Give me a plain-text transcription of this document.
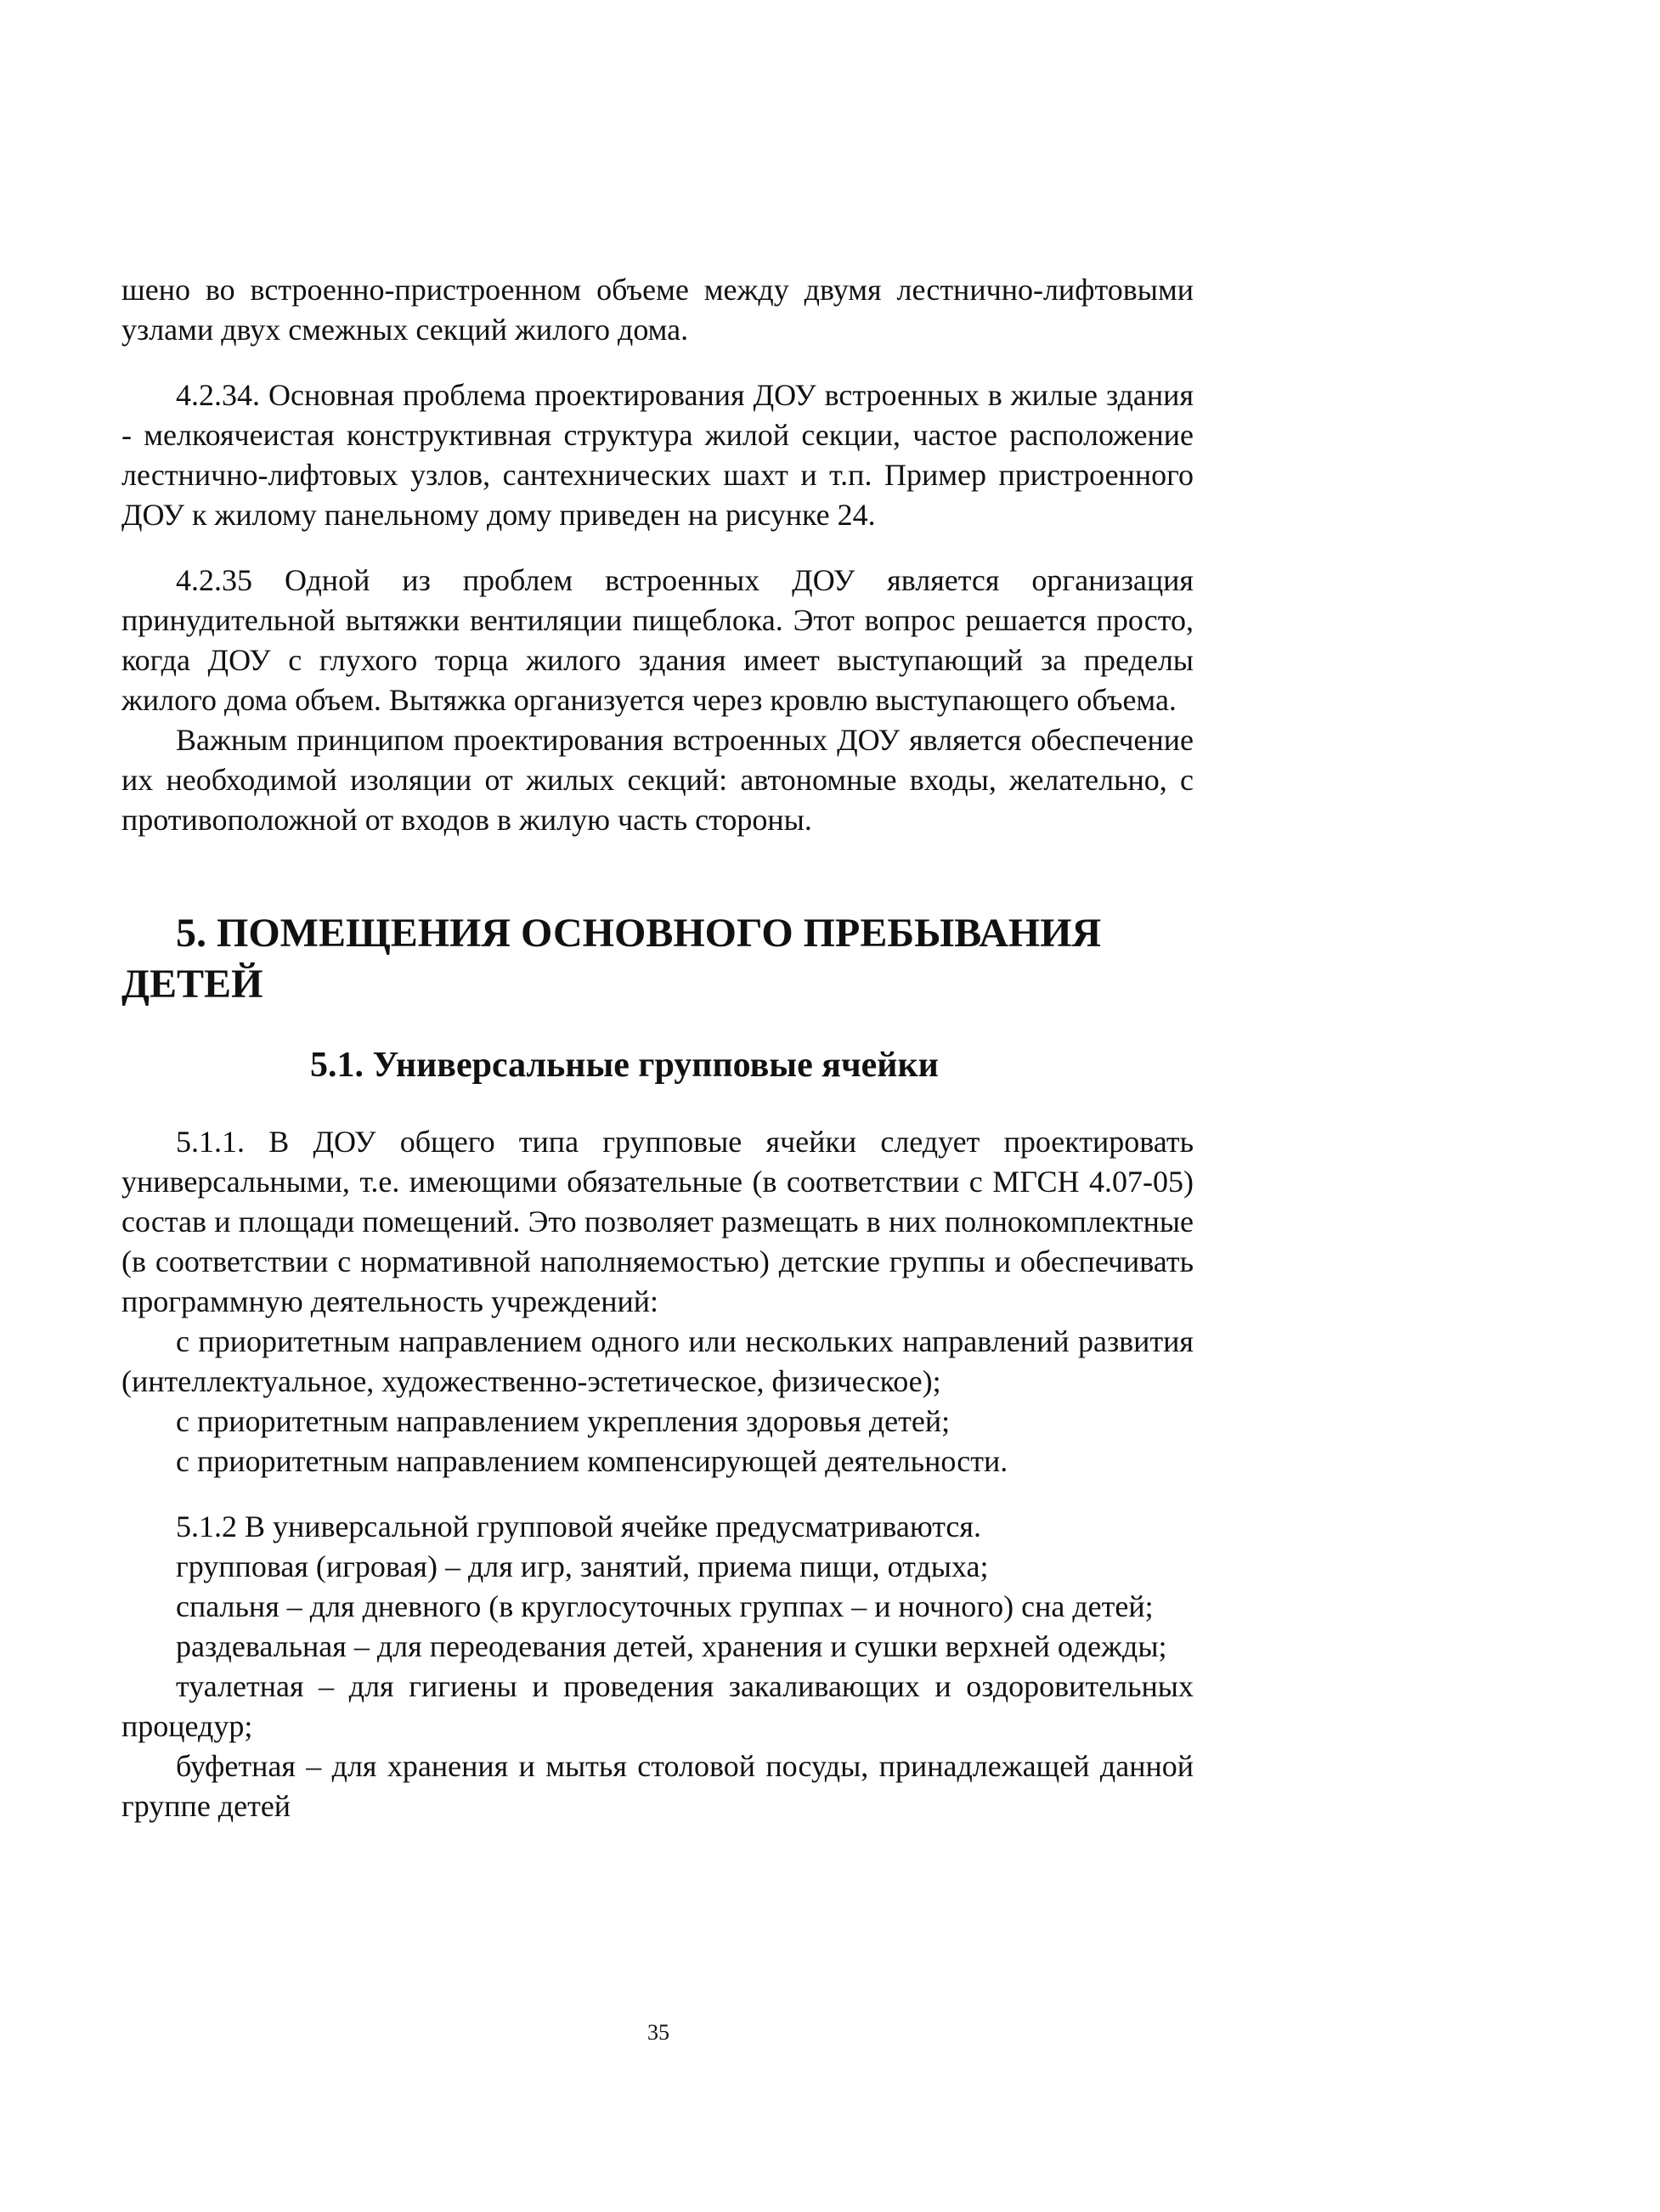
шено во встроенно-пристроенном объеме между двумя лестнично-лифтовыми узлами двух смежных секций жилого дома.

4.2.34. Основная проблема проектирования ДОУ встроенных в жилые здания - мелкоячеистая конструктивная структура жилой секции, частое расположение лестнично-лифтовых узлов, сантехнических шахт и т.п. Пример пристроенного ДОУ к жилому панельному дому приведен на рисунке 24.

4.2.35 Одной из проблем встроенных ДОУ является организация принудительной вытяжки вентиляции пищеблока. Этот вопрос решается просто, когда ДОУ с глухого торца жилого здания имеет выступающий за пределы жилого дома объем. Вытяжка организуется через кровлю выступающего объема.

Важным принципом проектирования встроенных ДОУ является обеспечение их необходимой изоляции от жилых секций: автономные входы, желательно, с противоположной от входов в жилую часть стороны.

5. ПОМЕЩЕНИЯ ОСНОВНОГО ПРЕБЫВАНИЯ ДЕТЕЙ
5.1. Универсальные групповые ячейки

5.1.1. В ДОУ общего типа групповые ячейки следует проектировать универсальными, т.е. имеющими обязательные (в соответствии с МГСН 4.07-05) состав и площади помещений. Это позволяет размещать в них полнокомплектные (в соответствии с нормативной наполняемостью) детские группы и обеспечивать программную деятельность учреждений:

с приоритетным направлением одного или нескольких направлений развития (интеллектуальное, художественно-эстетическое, физическое);

с приоритетным направлением укрепления здоровья детей;

с приоритетным направлением компенсирующей деятельности.

5.1.2 В универсальной групповой ячейке предусматриваются.

групповая (игровая) – для игр, занятий, приема пищи, отдыха;

спальня – для дневного (в круглосуточных группах – и ночного) сна детей;

раздевальная – для переодевания детей, хранения и сушки верхней одежды;

туалетная – для гигиены и проведения закаливающих и оздоровительных процедур;

буфетная – для хранения и мытья столовой посуды, принадлежащей данной группе детей

35
